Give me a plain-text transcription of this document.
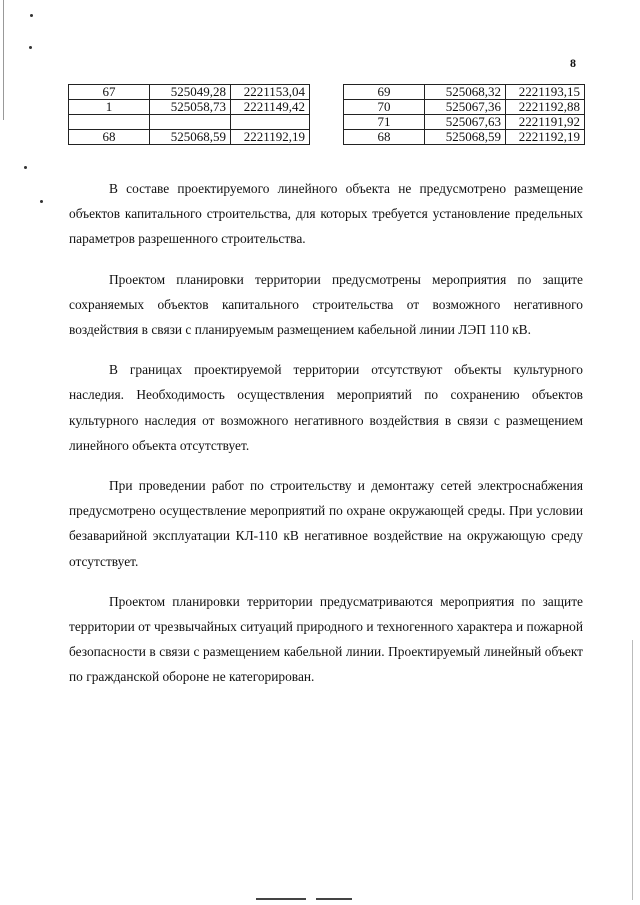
8
67	525049,28	2221153,04
1	525058,73	2221149,42

68	525068,59	2221192,19
69	525068,32	2221193,15
70	525067,36	2221192,88
71	525067,63	2221191,92
68	525068,59	2221192,19

В составе проектируемого линейного объекта не предусмотрено размещение объектов капитального строительства, для которых требуется установление предельных параметров разрешенного строительства.

Проектом планировки территории предусмотрены мероприятия по защите сохраняемых объектов капитального строительства от возможного негативного воздействия в связи с планируемым размещением кабельной линии ЛЭП 110 кВ.

В границах проектируемой территории отсутствуют объекты культурного наследия. Необходимость осуществления мероприятий по сохранению объектов культурного наследия от возможного негативного воздействия в связи с размещением линейного объекта отсутствует.

При проведении работ по строительству и демонтажу сетей электроснабжения предусмотрено осуществление мероприятий по охране окружающей среды. При условии безаварийной эксплуатации КЛ-110 кВ негативное воздействие на окружающую среду отсутствует.

Проектом планировки территории предусматриваются мероприятия по защите территории от чрезвычайных ситуаций природного и техногенного характера и пожарной безопасности в связи с размещением кабельной линии. Проектируемый линейный объект по гражданской обороне не категорирован.
